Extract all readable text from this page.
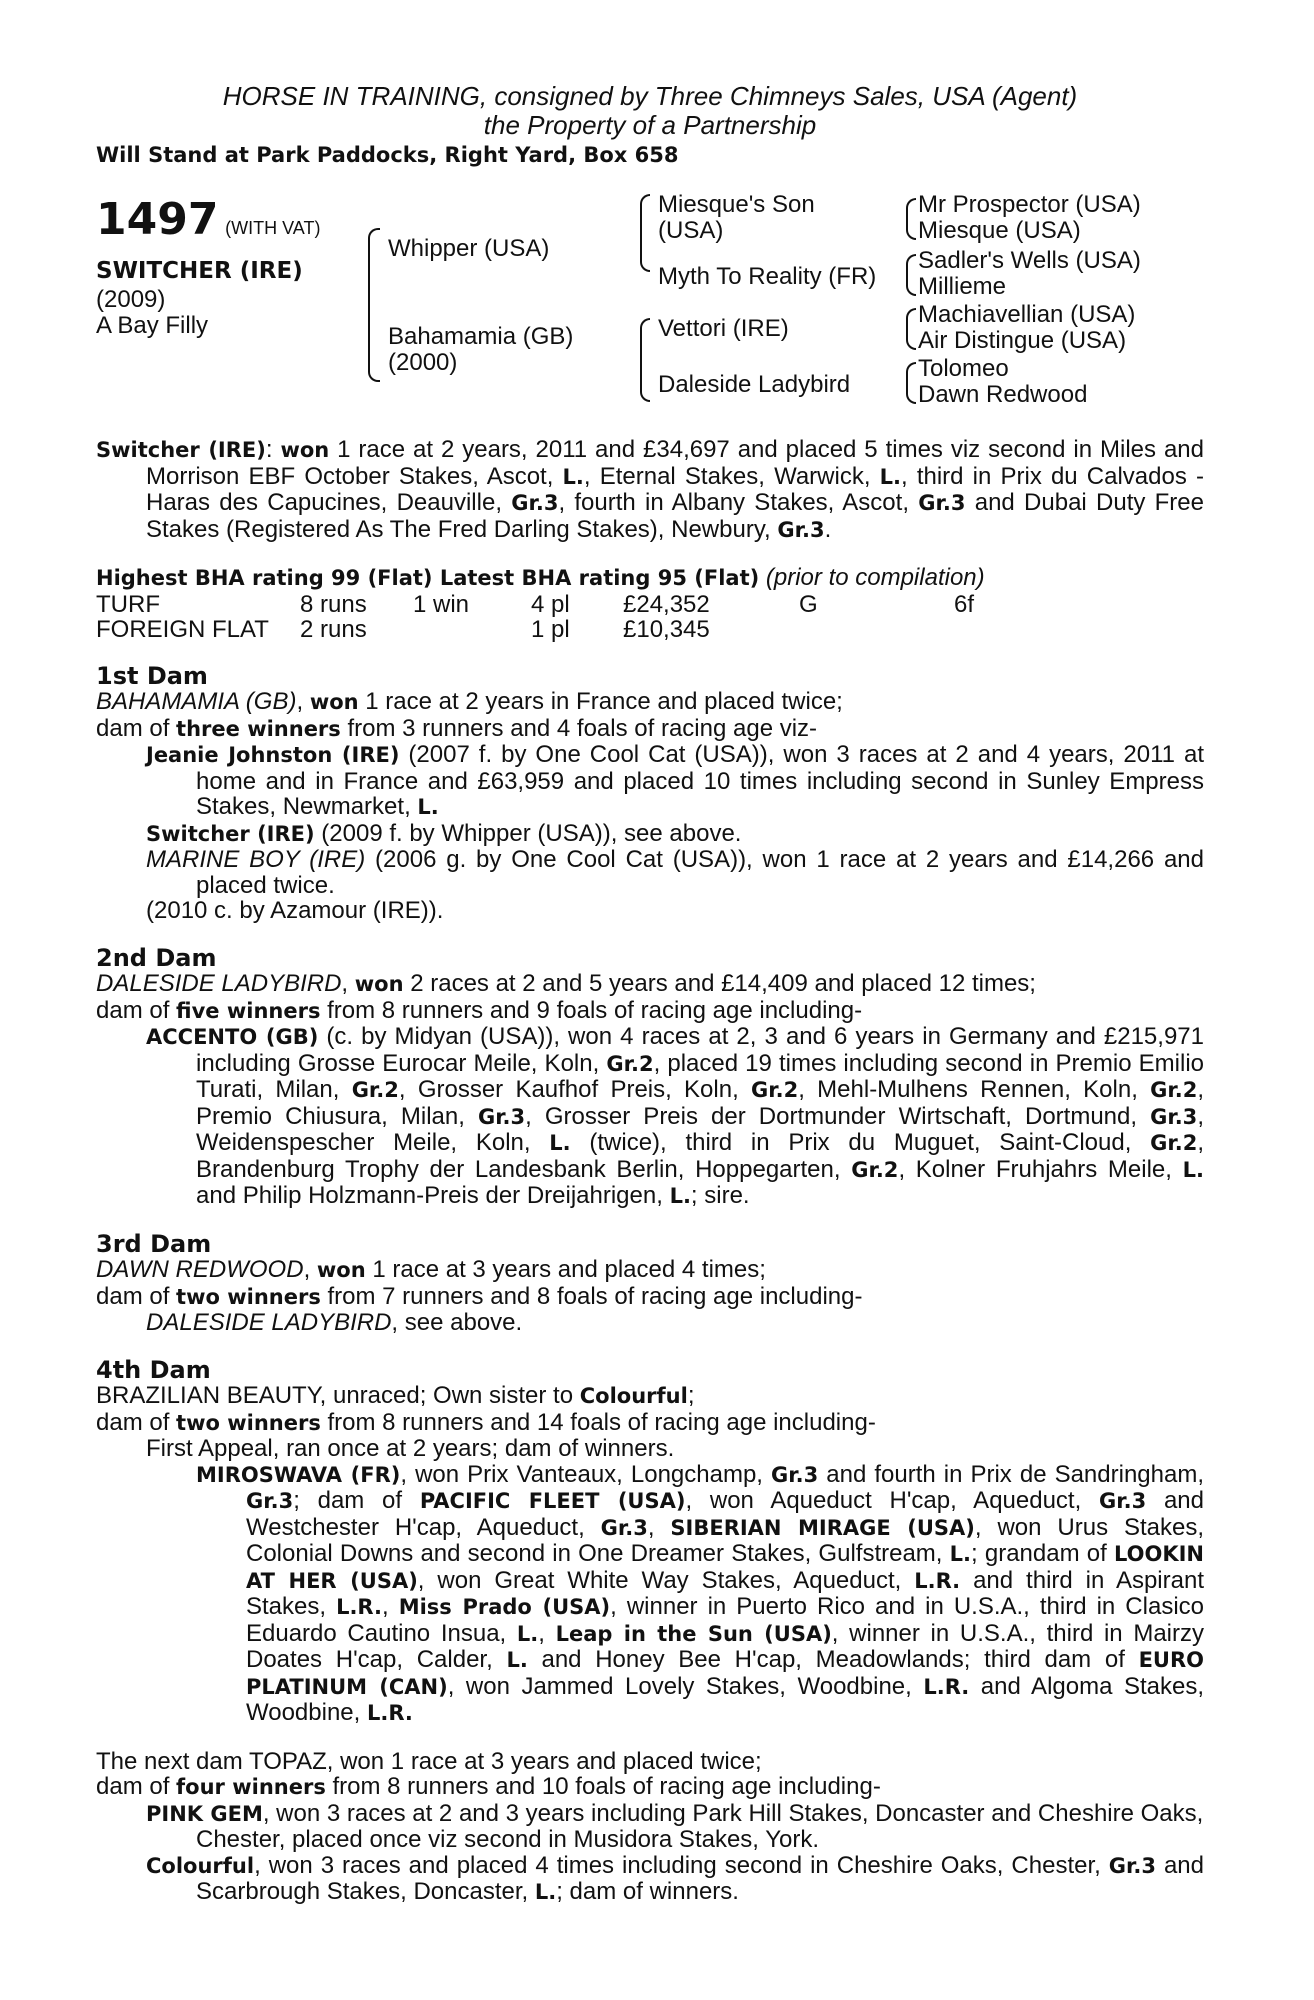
HORSE IN TRAINING, consigned by Three Chimneys Sales, USA (Agent)
the Property of a Partnership
Will Stand at Park Paddocks, Right Yard, Box 658
1497 (WITH VAT)
SWITCHER (IRE)
(2009)
A Bay Filly
Whipper (USA)
Bahamamia (GB)
(2000)
Miesque's Son
(USA)
Myth To Reality (FR)
Vettori (IRE)
Daleside Ladybird
Mr Prospector (USA)
Miesque (USA)
Sadler's Wells (USA)
Millieme
Machiavellian (USA)
Air Distingue (USA)
Tolomeo
Dawn Redwood
Switcher (IRE): won 1 race at 2 years, 2011 and £34,697 and placed 5 times viz second in Miles and Morrison EBF October Stakes, Ascot, L., Eternal Stakes, Warwick, L., third in Prix du Calvados - Haras des Capucines, Deauville, Gr.3, fourth in Albany Stakes, Ascot, Gr.3 and Dubai Duty Free Stakes (Registered As The Fred Darling Stakes), Newbury, Gr.3.
Highest BHA rating 99 (Flat) Latest BHA rating 95 (Flat) (prior to compilation)
TURF	8 runs	1 win	4 pl	£24,352	G	6f
FOREIGN FLAT	2 runs		1 pl	£10,345		
1st Dam
BAHAMAMIA (GB), won 1 race at 2 years in France and placed twice;
dam of three winners from 3 runners and 4 foals of racing age viz-
Jeanie Johnston (IRE) (2007 f. by One Cool Cat (USA)), won 3 races at 2 and 4 years, 2011 at home and in France and £63,959 and placed 10 times including second in Sunley Empress Stakes, Newmarket, L.
Switcher (IRE) (2009 f. by Whipper (USA)), see above.
MARINE BOY (IRE) (2006 g. by One Cool Cat (USA)), won 1 race at 2 years and £14,266 and placed twice.
(2010 c. by Azamour (IRE)).
2nd Dam
DALESIDE LADYBIRD, won 2 races at 2 and 5 years and £14,409 and placed 12 times;
dam of five winners from 8 runners and 9 foals of racing age including-
ACCENTO (GB) (c. by Midyan (USA)), won 4 races at 2, 3 and 6 years in Germany and £215,971 including Grosse Eurocar Meile, Koln, Gr.2, placed 19 times including second in Premio Emilio Turati, Milan, Gr.2, Grosser Kaufhof Preis, Koln, Gr.2, Mehl-Mulhens Rennen, Koln, Gr.2, Premio Chiusura, Milan, Gr.3, Grosser Preis der Dortmunder Wirtschaft, Dortmund, Gr.3, Weidenspescher Meile, Koln, L. (twice), third in Prix du Muguet, Saint-Cloud, Gr.2, Brandenburg Trophy der Landesbank Berlin, Hoppegarten, Gr.2, Kolner Fruhjahrs Meile, L. and Philip Holzmann-Preis der Dreijahrigen, L.; sire.
3rd Dam
DAWN REDWOOD, won 1 race at 3 years and placed 4 times;
dam of two winners from 7 runners and 8 foals of racing age including-
DALESIDE LADYBIRD, see above.
4th Dam
BRAZILIAN BEAUTY, unraced; Own sister to Colourful;
dam of two winners from 8 runners and 14 foals of racing age including-
First Appeal, ran once at 2 years; dam of winners.
MIROSWAVA (FR), won Prix Vanteaux, Longchamp, Gr.3 and fourth in Prix de Sandringham, Gr.3; dam of PACIFIC FLEET (USA), won Aqueduct H'cap, Aqueduct, Gr.3 and Westchester H'cap, Aqueduct, Gr.3, SIBERIAN MIRAGE (USA), won Urus Stakes, Colonial Downs and second in One Dreamer Stakes, Gulfstream, L.; grandam of LOOKIN AT HER (USA), won Great White Way Stakes, Aqueduct, L.R. and third in Aspirant Stakes, L.R., Miss Prado (USA), winner in Puerto Rico and in U.S.A., third in Clasico Eduardo Cautino Insua, L., Leap in the Sun (USA), winner in U.S.A., third in Mairzy Doates H'cap, Calder, L. and Honey Bee H'cap, Meadowlands; third dam of EURO PLATINUM (CAN), won Jammed Lovely Stakes, Woodbine, L.R. and Algoma Stakes, Woodbine, L.R.
The next dam TOPAZ, won 1 race at 3 years and placed twice;
dam of four winners from 8 runners and 10 foals of racing age including-
PINK GEM, won 3 races at 2 and 3 years including Park Hill Stakes, Doncaster and Cheshire Oaks, Chester, placed once viz second in Musidora Stakes, York.
Colourful, won 3 races and placed 4 times including second in Cheshire Oaks, Chester, Gr.3 and Scarbrough Stakes, Doncaster, L.; dam of winners.
